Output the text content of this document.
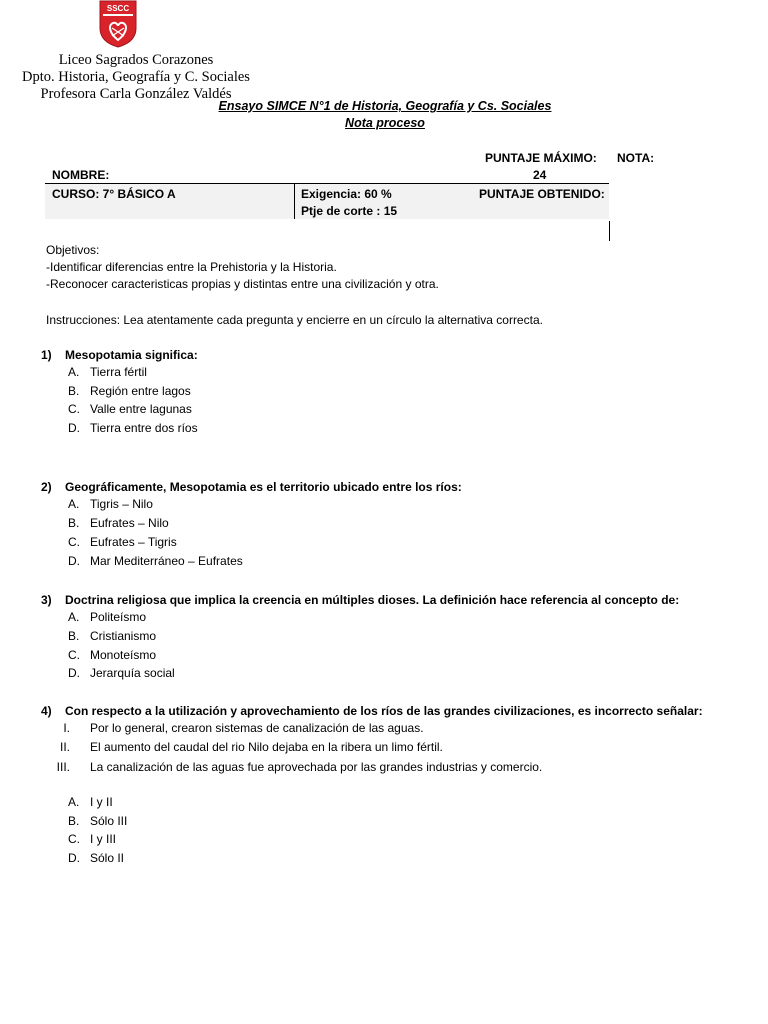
SSCC
Liceo Sagrados Corazones
Dpto. Historia, Geografía y C. Sociales
Profesora Carla González Valdés
Ensayo SIMCE N°1 de Historia, Geografía y Cs. Sociales
Nota proceso
PUNTAJE MÁXIMO: NOTA:
NOMBRE:	24
CURSO: 7° BÁSICO A	Exigencia: 60 %	PUNTAJE OBTENIDO:
Ptje de corte : 15
Objetivos:
-Identificar diferencias entre la Prehistoria y la Historia.
-Reconocer caracteristicas propias y distintas entre una civilización y otra.
Instrucciones: Lea atentamente cada pregunta y encierre en un círculo la alternativa correcta.
1) Mesopotamia significa:
A. Tierra fértil
B. Región entre lagos
C. Valle entre lagunas
D. Tierra entre dos ríos
2) Geográficamente, Mesopotamia es el territorio ubicado entre los ríos:
A. Tigris – Nilo
B. Eufrates – Nilo
C. Eufrates – Tigris
D. Mar Mediterráneo – Eufrates
3) Doctrina religiosa que implica la creencia en múltiples dioses. La definición hace referencia al concepto de:
A. Politeísmo
B. Cristianismo
C. Monoteísmo
D. Jerarquía social
4) Con respecto a la utilización y aprovechamiento de los ríos de las grandes civilizaciones, es incorrecto señalar:
I. Por lo general, crearon sistemas de canalización de las aguas.
II. El aumento del caudal del rio Nilo dejaba en la ribera un limo fértil.
III. La canalización de las aguas fue aprovechada por las grandes industrias y comercio.
A. I y II
B. Sólo III
C. I y III
D. Sólo II
